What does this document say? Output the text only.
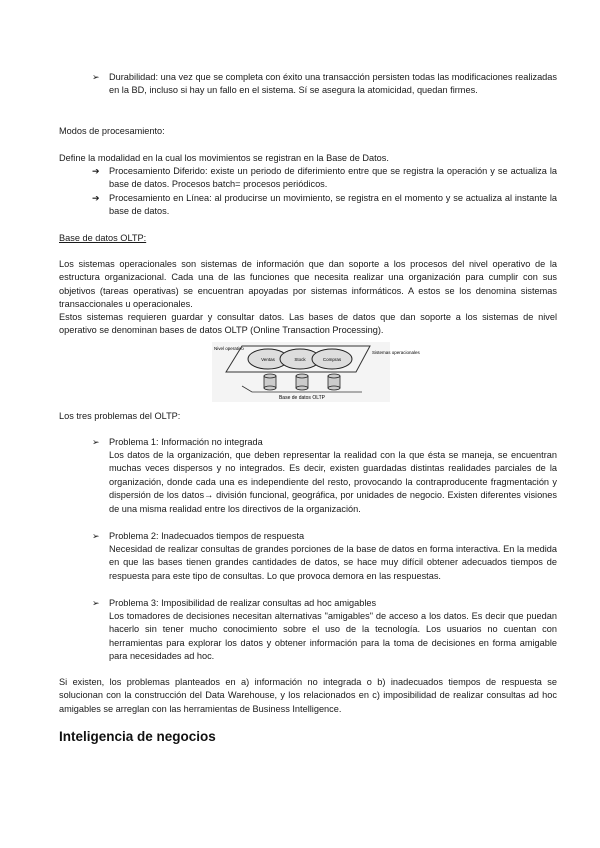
➢	Durabilidad: una vez que se completa con éxito una transacción persisten todas las modificaciones realizadas en la BD, incluso si hay un fallo en el sistema. Sí se asegura la atomicidad, quedan firmes.

Modos de procesamiento:

Define la modalidad en la cual los movimientos se registran en la Base de Datos.

➔	Procesamiento Diferido: existe un periodo de diferimiento entre que se registra la operación y se actualiza la base de datos. Procesos batch= procesos periódicos.

➔	Procesamiento en Línea: al producirse un movimiento, se registra en el momento y se actualiza al instante la base de datos.

Base de datos OLTP:

Los sistemas operacionales son sistemas de información que dan soporte a los procesos del nivel operativo de la estructura organizacional. Cada una de las funciones que necesita realizar una organización para cumplir con sus objetivos (tareas operativas) se encuentran apoyadas por sistemas informáticos. A estos se los denomina sistemas transaccionales u operacionales.

Estos sistemas requieren guardar y consultar datos. Las bases de datos que dan soporte a los sistemas de nivel operativo se denominan bases de datos OLTP (Online Transaction Processing).

Ventas	Stock	Compras
Nivel operativo
Sistemas operacionales
Base de datos OLTP

Los tres problemas del OLTP:

➢	Problema 1: Información no integrada

Los datos de la organización, que deben representar la realidad con la que ésta se maneja, se encuentran muchas veces dispersos y no integrados. Es decir, existen guardadas distintas realidades parciales de la organización, donde cada una es independiente del resto, provocando la contraproducente fragmentación y dispersión de los datos→ división funcional, geográfica, por unidades de negocio. Existen diferentes visiones de una misma realidad entre los directivos de la organización.

➢	Problema 2: Inadecuados tiempos de respuesta

Necesidad de realizar consultas de grandes porciones de la base de datos en forma interactiva. En la medida en que las bases tienen grandes cantidades de datos, se hace muy difícil obtener adecuados tiempos de respuesta para este tipo de consultas. Lo que provoca demora en las respuestas.

➢	Problema 3: Imposibilidad de realizar consultas ad hoc amigables

Los tomadores de decisiones necesitan alternativas "amigables" de acceso a los datos. Es decir que puedan hacerlo sin tener mucho conocimiento sobre el uso de la tecnología. Los usuarios no cuentan con herramientas para explorar los datos y obtener información para la toma de decisiones en forma amigable para necesidades ad hoc.

Si existen, los problemas planteados en a) información no integrada o b) inadecuados tiempos de respuesta se solucionan con la construcción del Data Warehouse, y los relacionados en c) imposibilidad de realizar consultas ad hoc amigables se arreglan con las herramientas de Business Intelligence.

Inteligencia de negocios
